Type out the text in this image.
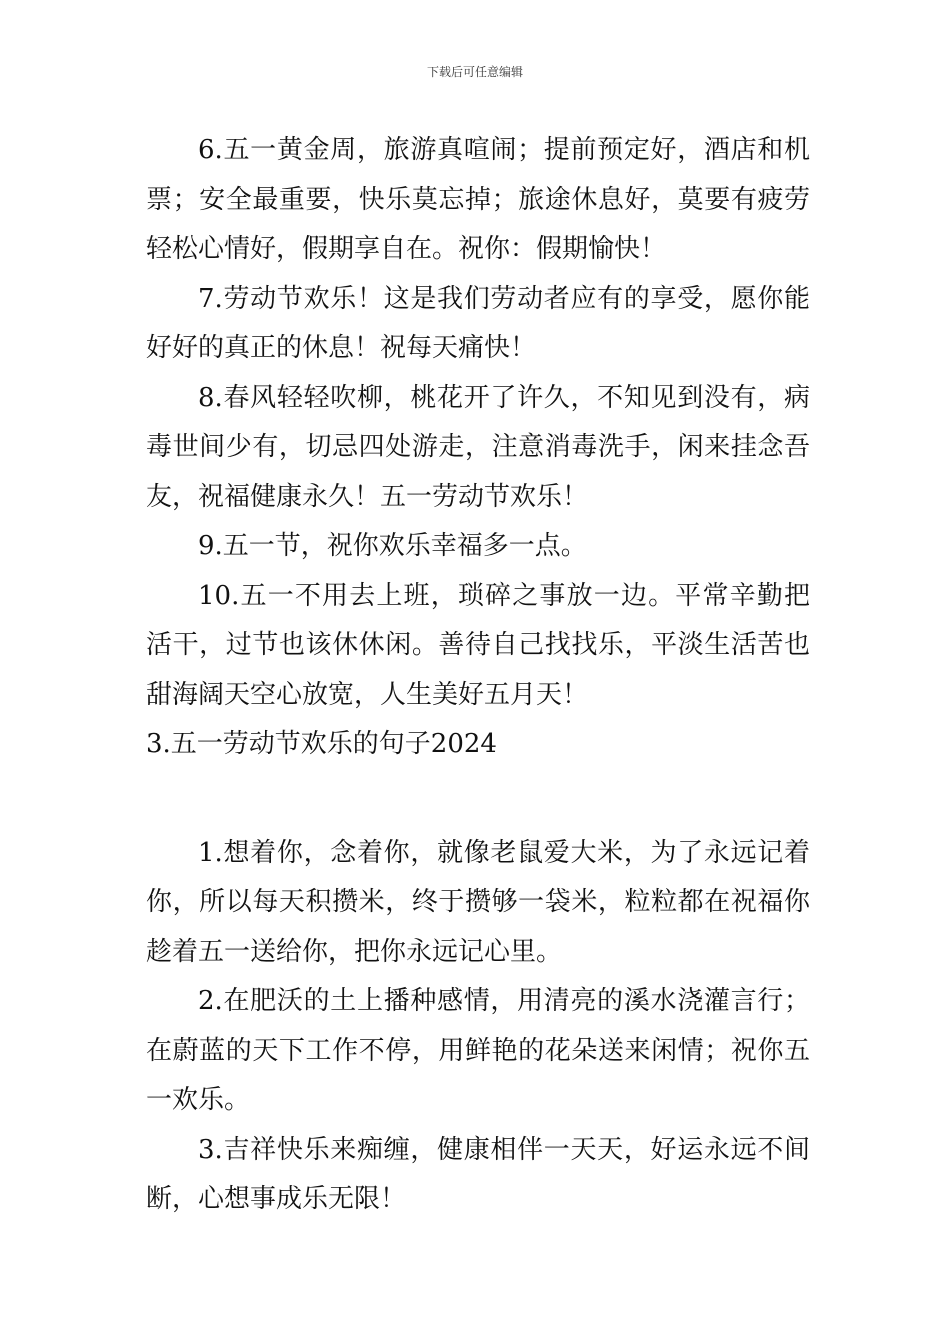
下载后可任意编辑

6.五一黄金周，旅游真喧闹；提前预定好，酒店和机票；安全最重要，快乐莫忘掉；旅途休息好，莫要有疲劳轻松心情好，假期享自在。祝你：假期愉快！

7.劳动节欢乐！这是我们劳动者应有的享受，愿你能好好的真正的休息！祝每天痛快！

8.春风轻轻吹柳，桃花开了许久，不知见到没有，病毒世间少有，切忌四处游走，注意消毒洗手，闲来挂念吾友，祝福健康永久！五一劳动节欢乐！

9.五一节，祝你欢乐幸福多一点。

10.五一不用去上班，琐碎之事放一边。平常辛勤把活干，过节也该休休闲。善待自己找找乐，平淡生活苦也甜海阔天空心放宽，人生美好五月天！

3.五一劳动节欢乐的句子2024

1.想着你，念着你，就像老鼠爱大米，为了永远记着你，所以每天积攒米，终于攒够一袋米，粒粒都在祝福你趁着五一送给你，把你永远记心里。

2.在肥沃的土上播种感情，用清亮的溪水浇灌言行；在蔚蓝的天下工作不停，用鲜艳的花朵送来闲情；祝你五一欢乐。

3.吉祥快乐来痴缠，健康相伴一天天，好运永远不间断，心想事成乐无限！
